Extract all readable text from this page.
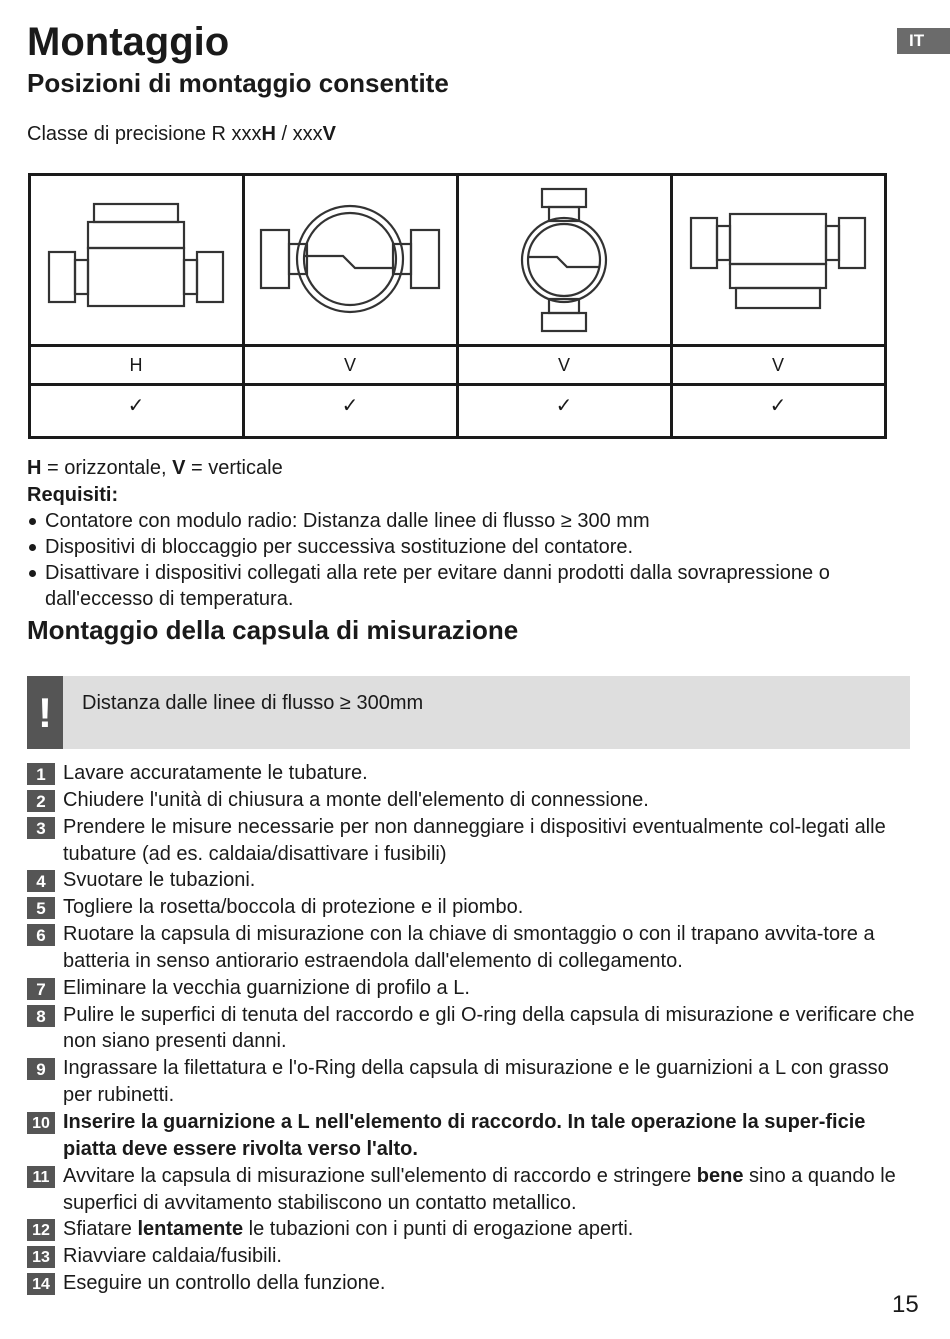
IT
Montaggio
Posizioni di montaggio consentite
Classe di precisione R xxxH / xxxV
H	V	V	V
✓	✓	✓	✓
H = orizzontale, V = verticale
Requisiti:
Contatore con modulo radio: Distanza dalle linee di flusso ≥ 300 mm
Dispositivi di bloccaggio per successiva sostituzione del contatore.
Disattivare i dispositivi collegati alla rete per evitare danni prodotti dalla sovrapressione o dall'eccesso di temperatura.
Montaggio della capsula di misurazione
!	Distanza dalle linee di flusso ≥ 300mm
1 Lavare accuratamente le tubature.
2 Chiudere l'unità di chiusura a monte dell'elemento di connessione.
3 Prendere le misure necessarie per non danneggiare i dispositivi eventualmente col-legati alle tubature (ad es. caldaia/disattivare i fusibili)
4 Svuotare le tubazioni.
5 Togliere la rosetta/boccola di protezione e il piombo.
6 Ruotare la capsula di misurazione con la chiave di smontaggio o con il trapano avvita-tore a batteria in senso antiorario estraendola dall'elemento di collegamento.
7 Eliminare la vecchia guarnizione di profilo a L.
8 Pulire le superfici di tenuta del raccordo e gli O-ring della capsula di misurazione e verificare che non siano presenti danni.
9 Ingrassare la filettatura e l'o-Ring della capsula di misurazione e le guarnizioni a L con grasso per rubinetti.
10 Inserire la guarnizione a L nell'elemento di raccordo. In tale operazione la super-ficie piatta deve essere rivolta verso l'alto.
11 Avvitare la capsula di misurazione sull'elemento di raccordo e stringere bene sino a quando le superfici di avvitamento stabiliscono un contatto metallico.
12 Sfiatare lentamente le tubazioni con i punti di erogazione aperti.
13 Riavviare caldaia/fusibili.
14 Eseguire un controllo della funzione.
15
